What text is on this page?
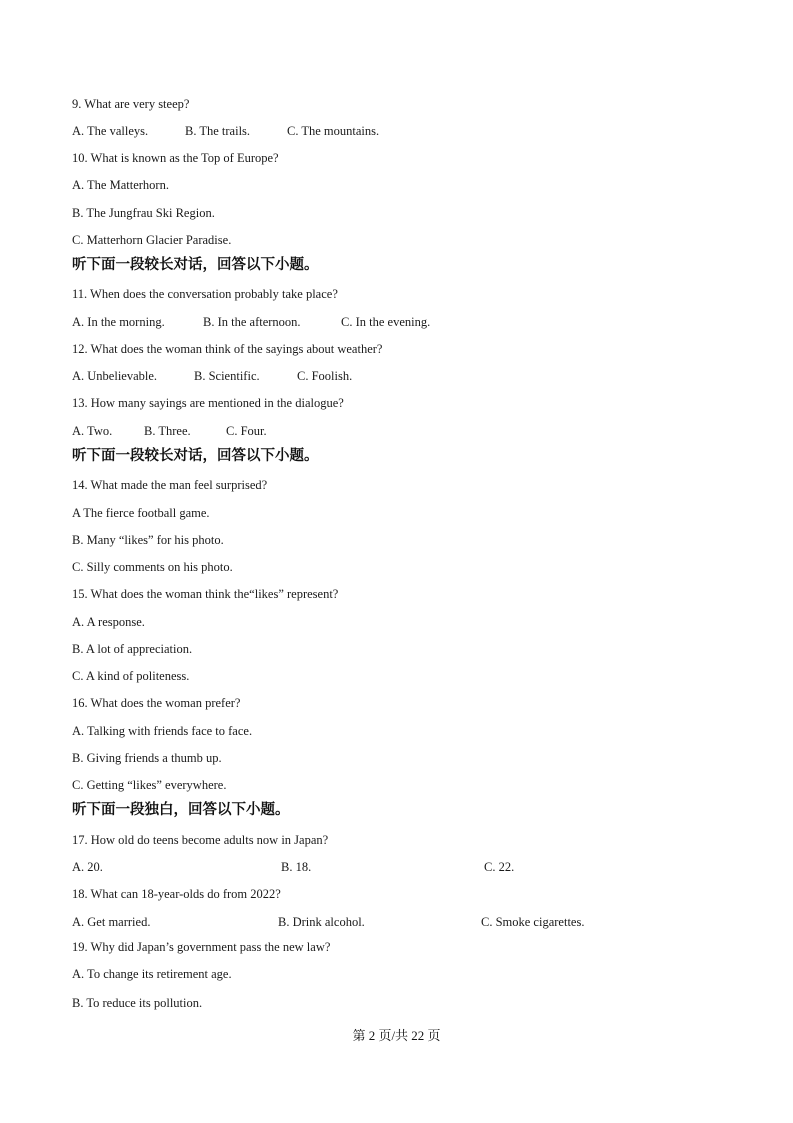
9. What are very steep?
A. The valleys.	B. The trails.	C. The mountains.
10. What is known as the Top of Europe?
A. The Matterhorn.
B. The Jungfrau Ski Region.
C. Matterhorn Glacier Paradise.
听下面一段较长对话，回答以下小题。
11. When does the conversation probably take place?
A. In the morning.	B. In the afternoon.	C. In the evening.
12. What does the woman think of the sayings about weather?
A. Unbelievable.	B. Scientific.	C. Foolish.
13. How many sayings are mentioned in the dialogue?
A. Two.	B. Three.	C. Four.
听下面一段较长对话，回答以下小题。
14. What made the man feel surprised?
A The fierce football game.
B. Many “likes” for his photo.
C. Silly comments on his photo.
15. What does the woman think the“likes” represent?
A. A response.
B. A lot of appreciation.
C. A kind of politeness.
16. What does the woman prefer?
A. Talking with friends face to face.
B. Giving friends a thumb up.
C. Getting “likes” everywhere.
听下面一段独白，回答以下小题。
17. How old do teens become adults now in Japan?
A. 20.	B. 18.	C. 22.
18. What can 18-year-olds do from 2022?
A. Get married.	B. Drink alcohol.	C. Smoke cigarettes.
19. Why did Japan’s government pass the new law?
A. To change its retirement age.
B. To reduce its pollution.
第 2 页/共 22 页
